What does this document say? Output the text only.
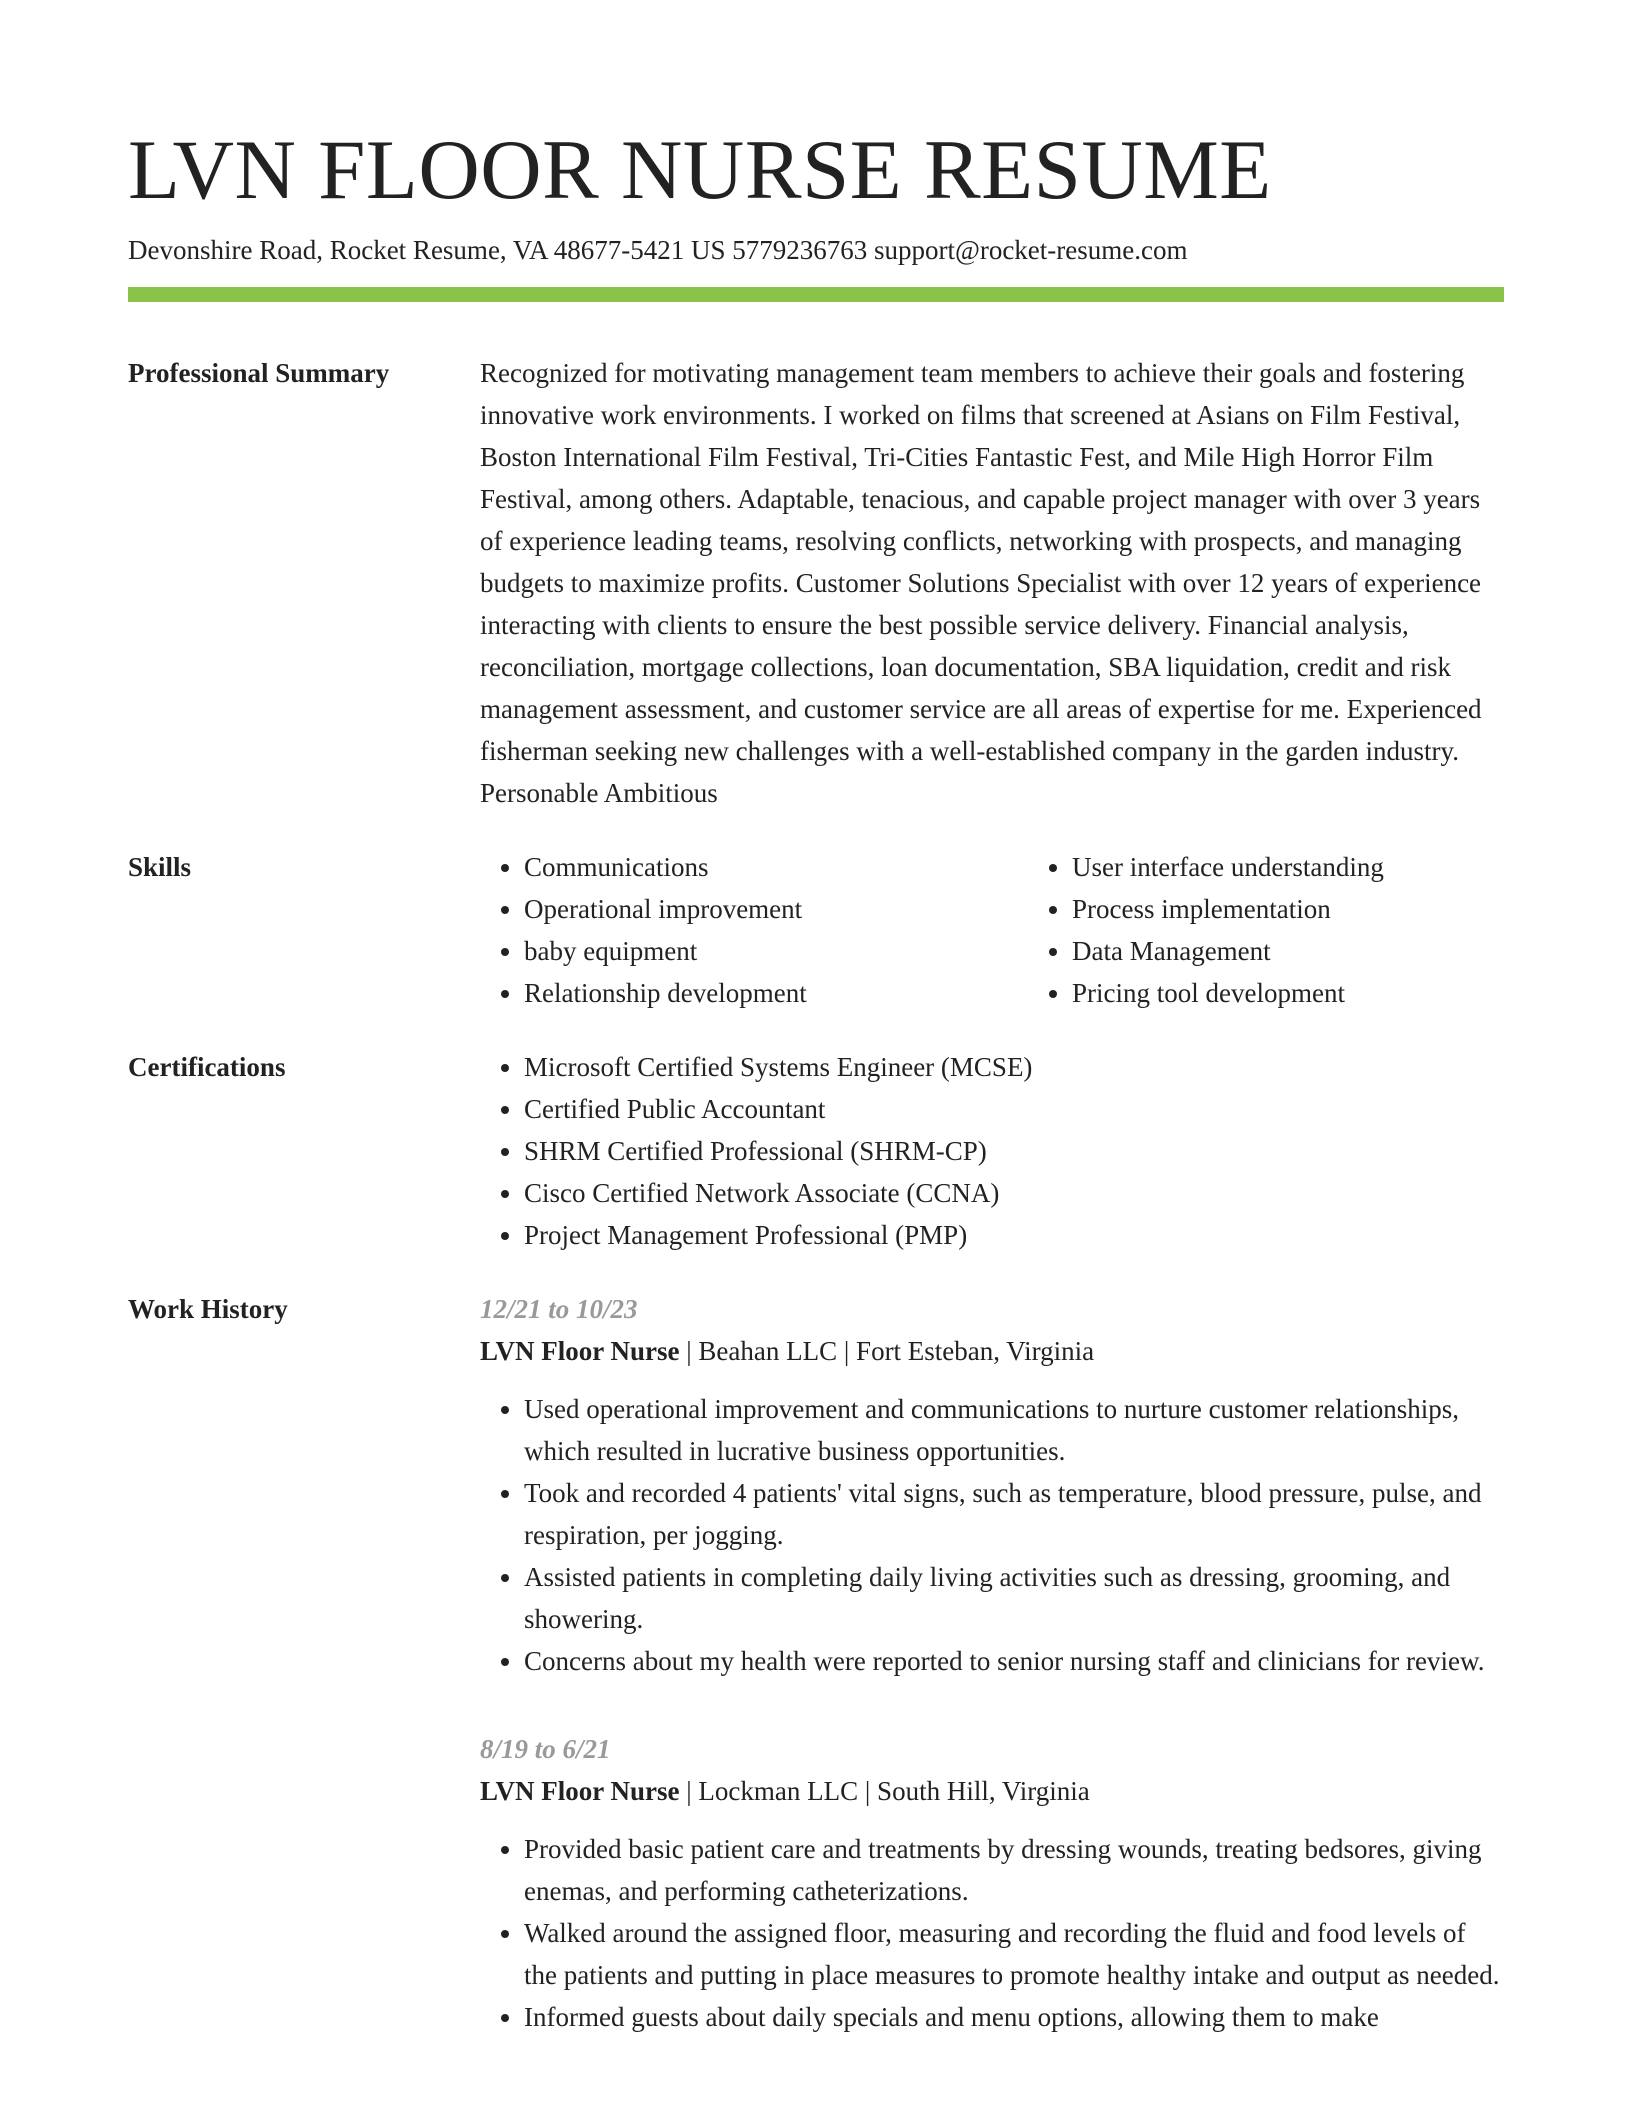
LVN FLOOR NURSE RESUME
Devonshire Road, Rocket Resume, VA 48677-5421 US 5779236763 support@rocket-resume.com
Professional Summary	Recognized for motivating management team members to achieve their goals and fostering innovative work environments. I worked on films that screened at Asians on Film Festival, Boston International Film Festival, Tri-Cities Fantastic Fest, and Mile High Horror Film Festival, among others. Adaptable, tenacious, and capable project manager with over 3 years of experience leading teams, resolving conflicts, networking with prospects, and managing budgets to maximize profits. Customer Solutions Specialist with over 12 years of experience interacting with clients to ensure the best possible service delivery. Financial analysis, reconciliation, mortgage collections, loan documentation, SBA liquidation, credit and risk management assessment, and customer service are all areas of expertise for me. Experienced fisherman seeking new challenges with a well-established company in the garden industry. Personable Ambitious

Skills	• Communications
• Operational improvement
• baby equipment
• Relationship development
• User interface understanding
• Process implementation
• Data Management
• Pricing tool development
Certifications	• Microsoft Certified Systems Engineer (MCSE)
• Certified Public Accountant
• SHRM Certified Professional (SHRM-CP)
• Cisco Certified Network Associate (CCNA)
• Project Management Professional (PMP)
Work History	12/21 to 10/23
LVN Floor Nurse | Beahan LLC | Fort Esteban, Virginia
• Used operational improvement and communications to nurture customer relationships, which resulted in lucrative business opportunities.
• Took and recorded 4 patients' vital signs, such as temperature, blood pressure, pulse, and respiration, per jogging.
• Assisted patients in completing daily living activities such as dressing, grooming, and showering.
• Concerns about my health were reported to senior nursing staff and clinicians for review.
8/19 to 6/21
LVN Floor Nurse | Lockman LLC | South Hill, Virginia
• Provided basic patient care and treatments by dressing wounds, treating bedsores, giving enemas, and performing catheterizations.
• Walked around the assigned floor, measuring and recording the fluid and food levels of the patients and putting in place measures to promote healthy intake and output as needed.
• Informed guests about daily specials and menu options, allowing them to make
